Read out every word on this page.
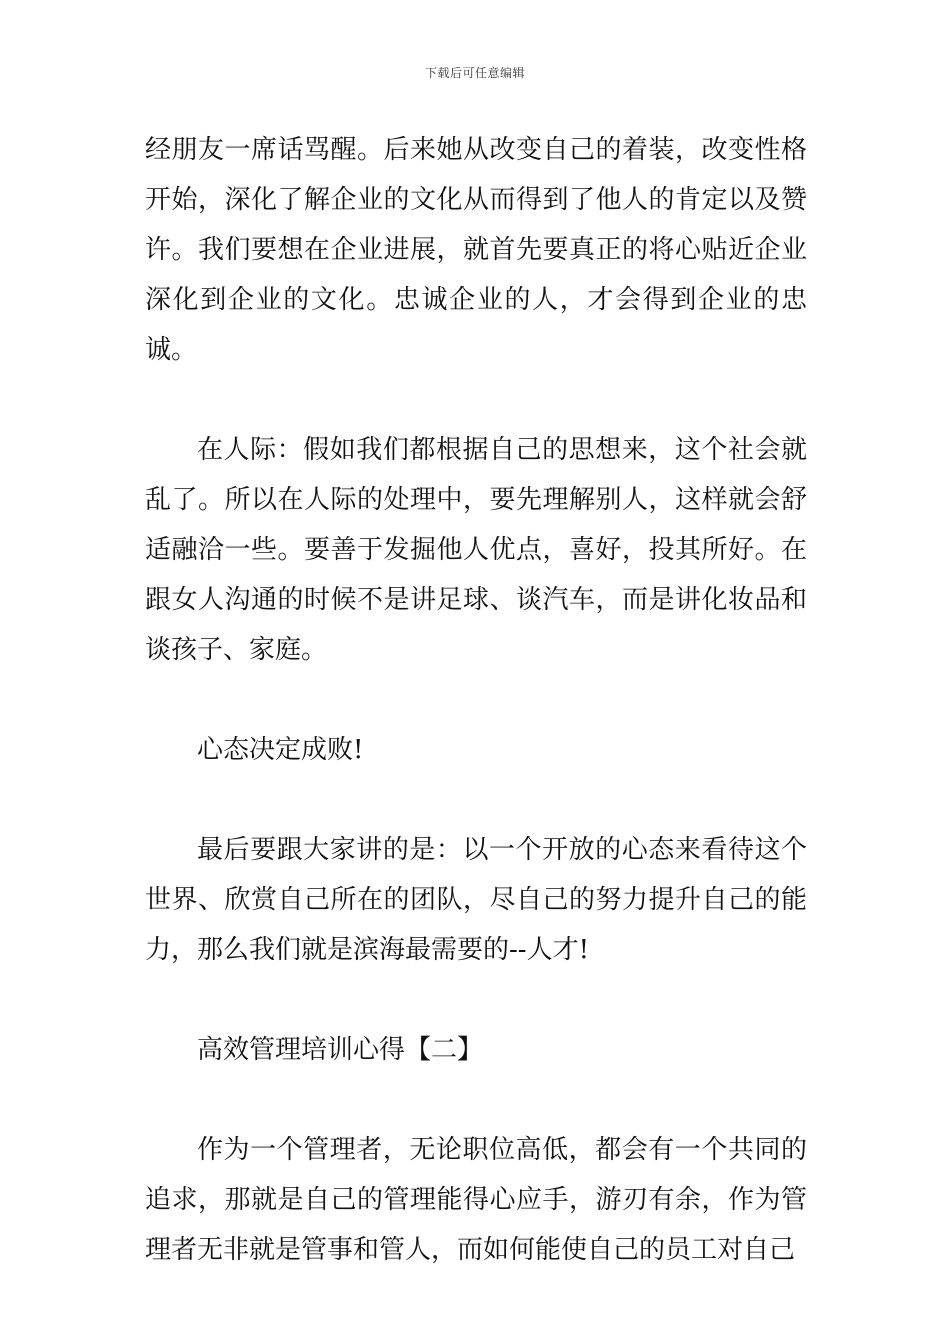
下载后可任意编辑

经朋友一席话骂醒。后来她从改变自己的着装，改变性格开始，深化了解企业的文化从而得到了他人的肯定以及赞许。我们要想在企业进展，就首先要真正的将心贴近企业深化到企业的文化。忠诚企业的人，才会得到企业的忠诚。

在人际：假如我们都根据自己的思想来，这个社会就乱了。所以在人际的处理中，要先理解别人，这样就会舒适融洽一些。要善于发掘他人优点，喜好，投其所好。在跟女人沟通的时候不是讲足球、谈汽车，而是讲化妆品和谈孩子、家庭。

心态决定成败!

最后要跟大家讲的是：以一个开放的心态来看待这个世界、欣赏自己所在的团队，尽自己的努力提升自己的能力，那么我们就是滨海最需要的--人才!

高效管理培训心得【二】

作为一个管理者，无论职位高低，都会有一个共同的追求，那就是自己的管理能得心应手，游刃有余，作为管理者无非就是管事和管人，而如何能使自己的员工对自己
